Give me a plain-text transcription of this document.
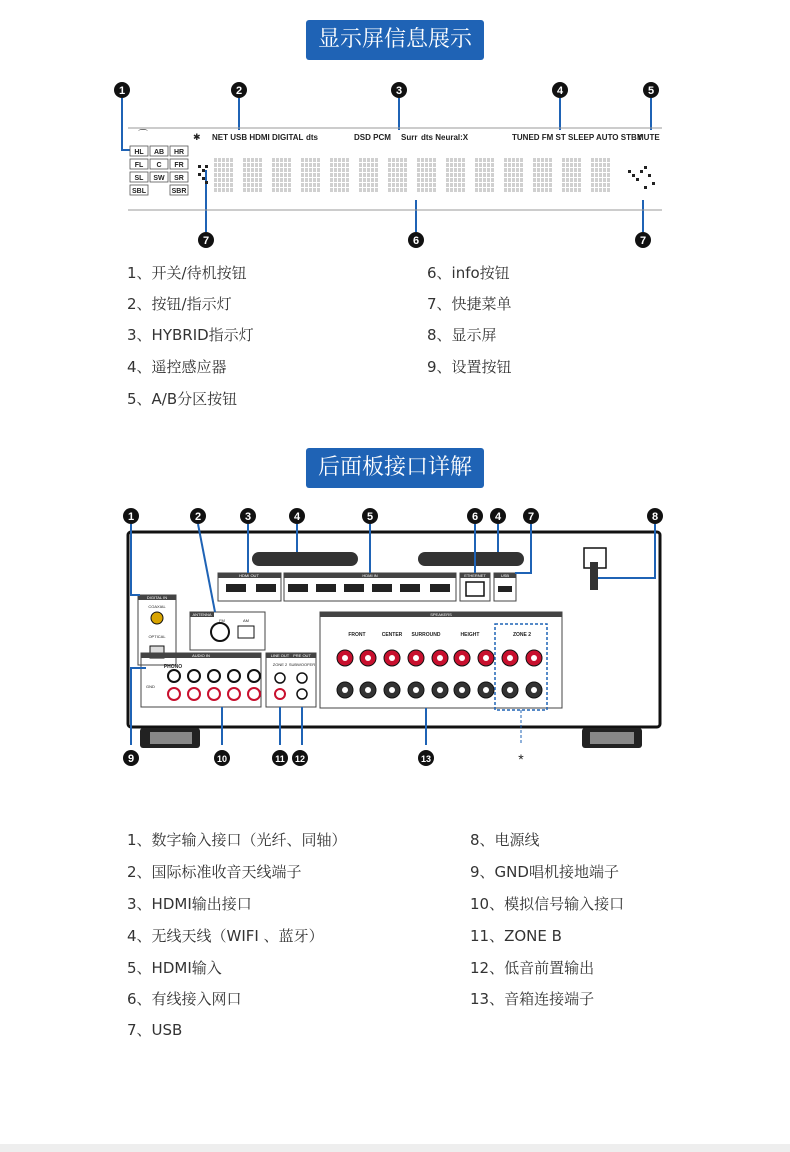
显示屏信息展示
1	2	3	4	5
⌒	✱ NET USB HDMI DIGITAL dts	DSD PCM Surr dts Neural:X	TUNED FM ST SLEEP AUTO STBY
MUTE
HL AB HR
FL C FR
SL SW SR
SBL	SBR
7	6	7
1、开关/待机按钮
2、按钮/指示灯
3、HYBRID指示灯
4、遥控感应器
5、A/B分区按钮
6、info按钮
7、快捷菜单
8、显示屏
9、设置按钮
后面板接口详解
1	2	3	4	5	6 4 7	8
HDMI OUT	HDMI IN	ETHERNET	USB
DIGITAL IN
COAXIAL
OPTICAL
ANTENNA
FM	AM
SPEAKERS
FRONT	CENTER SURROUND	HEIGHT	ZONE 2
AUDIO IN
PHONO
LINE OUT PRE OUT
ZONE 2 SUBWOOFER
GND
9	10	11 12	13	*
1、数字输入接口（光纤、同轴）
2、国际标准收音天线端子
3、HDMI输出接口
4、无线天线（WIFI 、蓝牙）
5、HDMI输入
6、有线接入网口
7、USB
8、电源线
9、GND唱机接地端子
10、模拟信号输入接口
11、ZONE B
12、低音前置输出
13、音箱连接端子
